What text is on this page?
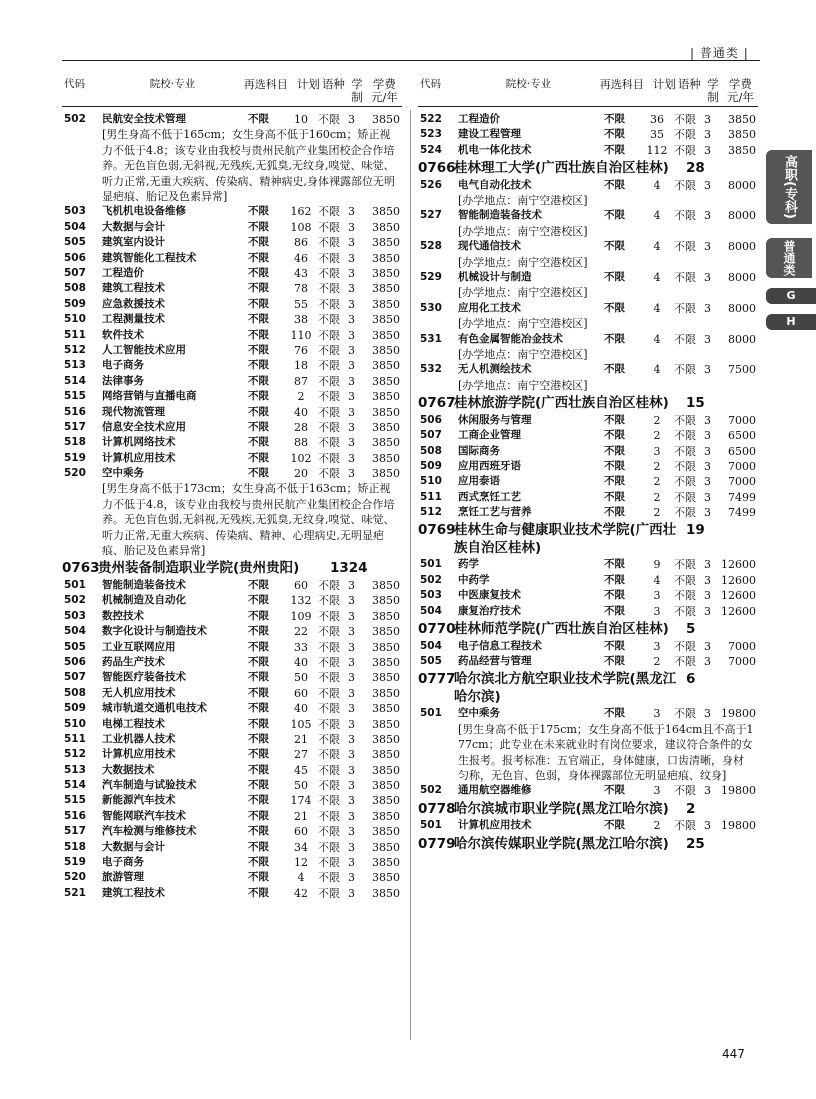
| 普通类 |
代码	院校·专业	再选科目 计划 语种 学制
学费元/年
502	民航安全技术管理	不限	10 不限 3	3850
[男生身高不低于165cm；女生身高不低于160cm；矫正视力不低于4.8；该专业由我校与贵州民航产业集团校企合作培养。无色盲色弱,无斜视,无残疾,无狐臭,无纹身,嗅觉、味觉、听力正常,无重大疾病、传染病、精神病史,身体裸露部位无明显疤痕、胎记及色素异常]
503	飞机机电设备维修	不限	162 不限 3	3850
504	大数据与会计	不限	108 不限 3	3850
505	建筑室内设计	不限	86 不限 3	3850
506	建筑智能化工程技术	不限	46 不限 3	3850
507	工程造价	不限	43 不限 3	3850
508	建筑工程技术	不限	78 不限 3	3850
509	应急救援技术	不限	55 不限 3	3850
510	工程测量技术	不限	38 不限 3	3850
511	软件技术	不限	110 不限 3	3850
512	人工智能技术应用	不限	76 不限 3	3850
513	电子商务	不限	18 不限 3	3850
514	法律事务	不限	87 不限 3	3850
515	网络营销与直播电商	不限	2	不限 3	3850
516	现代物流管理	不限	40 不限 3	3850
517	信息安全技术应用	不限	28 不限 3	3850
518	计算机网络技术	不限	88 不限 3	3850
519	计算机应用技术	不限	102 不限 3	3850
520	空中乘务	不限	20 不限 3	3850
[男生身高不低于173cm；女生身高不低于163cm；矫正视力不低于4.8，该专业由我校与贵州民航产业集团校企合作培养。无色盲色弱,无斜视,无残疾,无狐臭,无纹身,嗅觉、味觉、听力正常,无重大疾病、传染病、精神、心理病史,无明显疤痕、胎记及色素异常]
0763
贵州装备制造职业学院(贵州贵阳)	1324
501	智能制造装备技术	不限	60 不限 3	3850
502	机械制造及自动化	不限	132 不限 3	3850
503	数控技术	不限	109 不限 3	3850
504	数字化设计与制造技术	不限	22 不限 3	3850
505	工业互联网应用	不限	33 不限 3	3850
506	药品生产技术	不限	40 不限 3	3850
507	智能医疗装备技术	不限	50 不限 3	3850
508	无人机应用技术	不限	60 不限 3	3850
509	城市轨道交通机电技术	不限	40 不限 3	3850
510	电梯工程技术	不限	105 不限 3	3850
511	工业机器人技术	不限	21 不限 3	3850
512	计算机应用技术	不限	27 不限 3	3850
513	大数据技术	不限	45 不限 3	3850
514	汽车制造与试验技术	不限	50 不限 3	3850
515	新能源汽车技术	不限	174 不限 3	3850
516	智能网联汽车技术	不限	21 不限 3	3850
517	汽车检测与维修技术	不限	60 不限 3	3850
518	大数据与会计	不限	34 不限 3	3850
519	电子商务	不限	12 不限 3	3850
520	旅游管理	不限	4	不限 3	3850
521	建筑工程技术	不限	42 不限 3	3850
代码	院校·专业	再选科目 计划 语种 学制
学费元/年
522	工程造价	不限	36 不限 3	3850
523	建设工程管理	不限	35 不限 3	3850
524	机电一体化技术	不限	112 不限 3	3850
0766
桂林理工大学(广西壮族自治区桂林)	28
526	电气自动化技术	不限	4	不限 3	8000
[办学地点：南宁空港校区]
527	智能制造装备技术	不限	4	不限 3	8000
[办学地点：南宁空港校区]
528	现代通信技术	不限	4	不限 3	8000
[办学地点：南宁空港校区]
529	机械设计与制造	不限	4	不限 3	8000
[办学地点：南宁空港校区]
530	应用化工技术	不限	4	不限 3	8000
[办学地点：南宁空港校区]
531	有色金属智能冶金技术	不限	4	不限 3	8000
[办学地点：南宁空港校区]
532	无人机测绘技术	不限	4	不限 3	7500
[办学地点：南宁空港校区]
0767
桂林旅游学院(广西壮族自治区桂林)	15
506	休闲服务与管理	不限	2	不限 3	7000
507	工商企业管理	不限	2	不限 3	6500
508	国际商务	不限	3	不限 3	6500
509	应用西班牙语	不限	2	不限 3	7000
510	应用泰语	不限	2	不限 3	7000
511	西式烹饪工艺	不限	2	不限 3	7499
512	烹饪工艺与营养	不限	2	不限 3	7499
0769
桂林生命与健康职业技术学院(广西壮族自治区桂林)
19
501	药学	不限	9	不限 3 12600
502	中药学	不限	4	不限 3 12600
503	中医康复技术	不限	3	不限 3 12600
504	康复治疗技术	不限	3	不限 3 12600
0770
桂林师范学院(广西壮族自治区桂林)	5
504	电子信息工程技术	不限	3	不限 3	7000
505	药品经营与管理	不限	2	不限 3	7000
0777
哈尔滨北方航空职业技术学院(黑龙江哈尔滨)
6
501	空中乘务	不限	3	不限 3 19800
[男生身高不低于175cm；女生身高不低于164cm且不高于177cm；此专业在未来就业时有岗位要求，建议符合条件的女生报考。报考标准：五官端正，身体健康，口齿清晰，身材匀称，无色盲、色弱，身体裸露部位无明显疤痕、纹身]
502	通用航空器维修	不限	3	不限 3 19800
0778
哈尔滨城市职业学院(黑龙江哈尔滨)	2
501	计算机应用技术	不限	2	不限 3 19800
0779
哈尔滨传媒职业学院(黑龙江哈尔滨)	25
高职(专科)
普通类
G
H
447
